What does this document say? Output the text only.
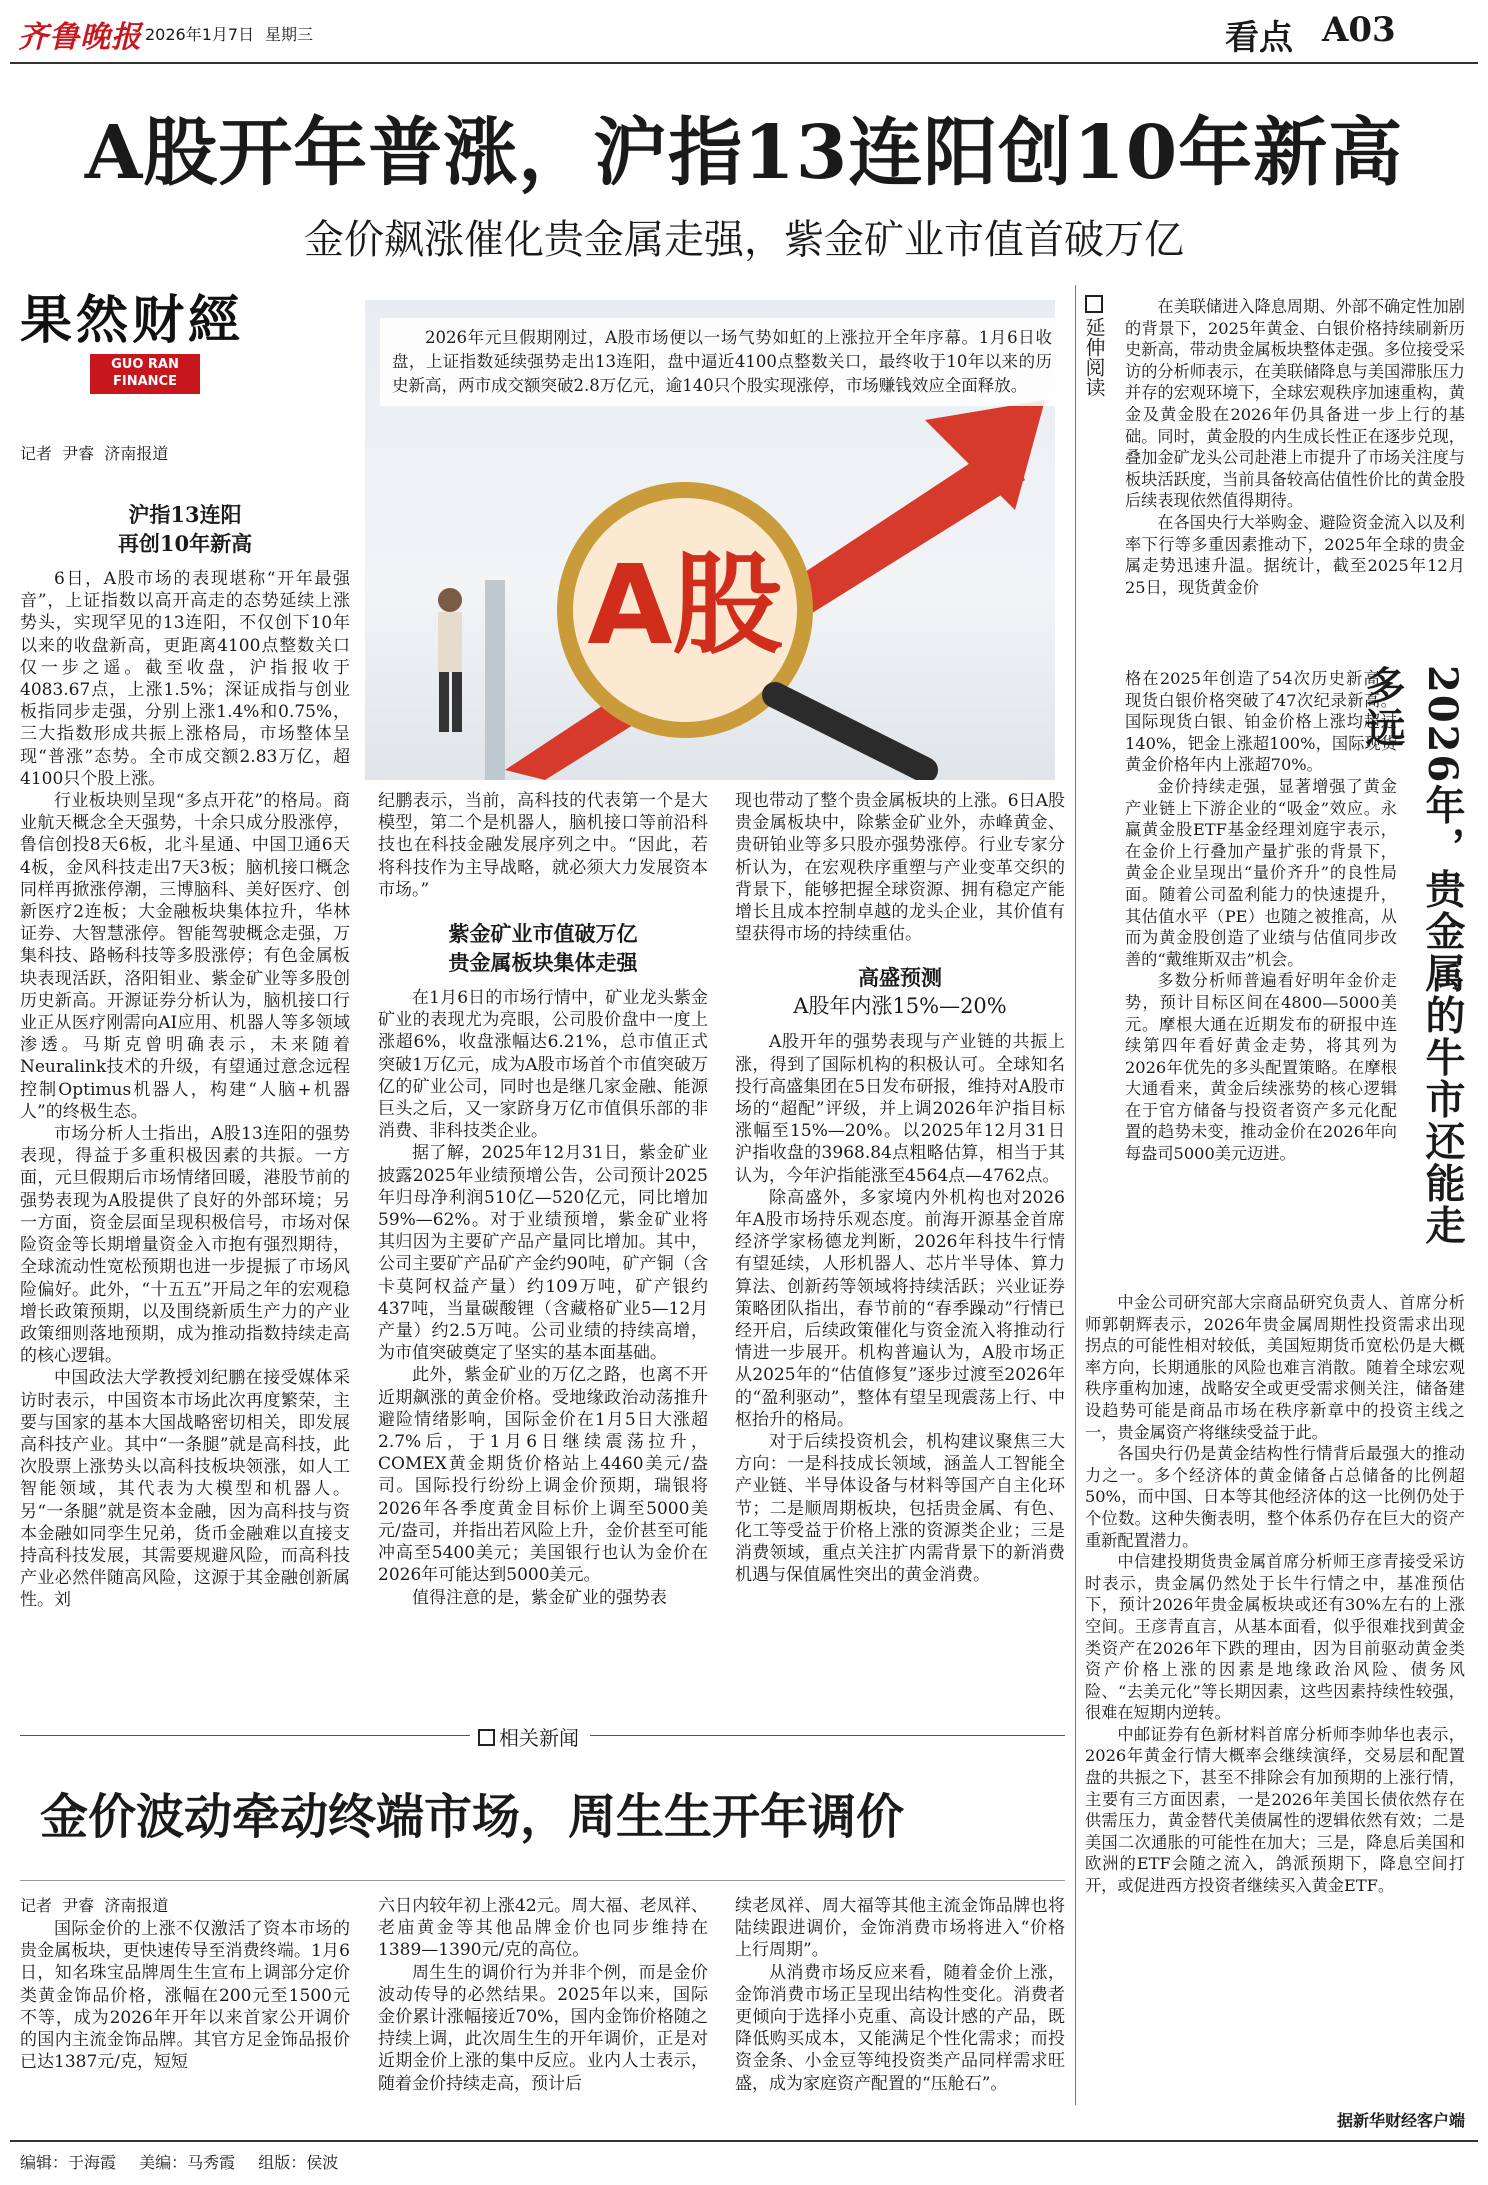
齐鲁晚报 2026年1月7日 星期三	看点 A03
A股开年普涨，沪指13连阳创10年新高
金价飙涨催化贵金属走强，紫金矿业市值首破万亿
果然财經
GUO RAN
FINANCE
记者  尹睿  济南报道
A股

2026年元旦假期刚过，A股市场便以一场气势如虹的上涨拉开全年序幕。1月6日收盘，上证指数延续强势走出13连阳，盘中逼近4100点整数关口，最终收于10年以来的历史新高，两市成交额突破2.8万亿元，逾140只个股实现涨停，市场赚钱效应全面释放。

沪指13连阳
再创10年新高

6日，A股市场的表现堪称“开年最强音”，上证指数以高开高走的态势延续上涨势头，实现罕见的13连阳，不仅创下10年以来的收盘新高，更距离4100点整数关口仅一步之遥。截至收盘，沪指报收于4083.67点，上涨1.5%；深证成指与创业板指同步走强，分别上涨1.4%和0.75%，三大指数形成共振上涨格局，市场整体呈现“普涨”态势。全市成交额2.83万亿，超4100只个股上涨。

行业板块则呈现“多点开花”的格局。商业航天概念全天强势，十余只成分股涨停，鲁信创投8天6板，北斗星通、中国卫通6天4板，金风科技走出7天3板；脑机接口概念同样再掀涨停潮，三博脑科、美好医疗、创新医疗2连板；大金融板块集体拉升，华林证券、大智慧涨停。智能驾驶概念走强，万集科技、路畅科技等多股涨停；有色金属板块表现活跃，洛阳钼业、紫金矿业等多股创历史新高。开源证券分析认为，脑机接口行业正从医疗刚需向AI应用、机器人等多领域渗透。马斯克曾明确表示，未来随着Neuralink技术的升级，有望通过意念远程控制Optimus机器人，构建“人脑+机器人”的终极生态。

市场分析人士指出，A股13连阳的强势表现，得益于多重积极因素的共振。一方面，元旦假期后市场情绪回暖，港股节前的强势表现为A股提供了良好的外部环境；另一方面，资金层面呈现积极信号，市场对保险资金等长期增量资金入市抱有强烈期待，全球流动性宽松预期也进一步提振了市场风险偏好。此外，“十五五”开局之年的宏观稳增长政策预期，以及围绕新质生产力的产业政策细则落地预期，成为推动指数持续走高的核心逻辑。

中国政法大学教授刘纪鹏在接受媒体采访时表示，中国资本市场此次再度繁荣，主要与国家的基本大国战略密切相关，即发展高科技产业。其中“一条腿”就是高科技，此次股票上涨势头以高科技板块领涨，如人工智能领域，其代表为大模型和机器人。另“一条腿”就是资本金融，因为高科技与资本金融如同孪生兄弟，货币金融难以直接支持高科技发展，其需要规避风险，而高科技产业必然伴随高风险，这源于其金融创新属性。刘

纪鹏表示，当前，高科技的代表第一个是大模型，第二个是机器人，脑机接口等前沿科技也在科技金融发展序列之中。“因此，若将科技作为主导战略，就必须大力发展资本市场。”

紫金矿业市值破万亿
贵金属板块集体走强

在1月6日的市场行情中，矿业龙头紫金矿业的表现尤为亮眼，公司股价盘中一度上涨超6%，收盘涨幅达6.21%，总市值正式突破1万亿元，成为A股市场首个市值突破万亿的矿业公司，同时也是继几家金融、能源巨头之后，又一家跻身万亿市值俱乐部的非消费、非科技类企业。

据了解，2025年12月31日，紫金矿业披露2025年业绩预增公告，公司预计2025年归母净利润510亿—520亿元，同比增加59%—62%。对于业绩预增，紫金矿业将其归因为主要矿产品产量同比增加。其中，公司主要矿产品矿产金约90吨，矿产铜（含卡莫阿权益产量）约109万吨，矿产银约437吨，当量碳酸锂（含藏格矿业5—12月产量）约2.5万吨。公司业绩的持续高增，为市值突破奠定了坚实的基本面基础。

此外，紫金矿业的万亿之路，也离不开近期飙涨的黄金价格。受地缘政治动荡推升避险情绪影响，国际金价在1月5日大涨超2.7%后，于1月6日继续震荡拉升，COMEX黄金期货价格站上4460美元/盎司。国际投行纷纷上调金价预期，瑞银将2026年各季度黄金目标价上调至5000美元/盎司，并指出若风险上升，金价甚至可能冲高至5400美元；美国银行也认为金价在2026年可能达到5000美元。

值得注意的是，紫金矿业的强势表

现也带动了整个贵金属板块的上涨。6日A股贵金属板块中，除紫金矿业外，赤峰黄金、贵研铂业等多只股亦强势涨停。行业专家分析认为，在宏观秩序重塑与产业变革交织的背景下，能够把握全球资源、拥有稳定产能增长且成本控制卓越的龙头企业，其价值有望获得市场的持续重估。

高盛预测
A股年内涨15%—20%

A股开年的强势表现与产业链的共振上涨，得到了国际机构的积极认可。全球知名投行高盛集团在5日发布研报，维持对A股市场的“超配”评级，并上调2026年沪指目标涨幅至15%—20%。以2025年12月31日沪指收盘的3968.84点粗略估算，相当于其认为，今年沪指能涨至4564点—4762点。

除高盛外，多家境内外机构也对2026年A股市场持乐观态度。前海开源基金首席经济学家杨德龙判断，2026年科技牛行情有望延续，人形机器人、芯片半导体、算力算法、创新药等领域将持续活跃；兴业证券策略团队指出，春节前的“春季躁动”行情已经开启，后续政策催化与资金流入将推动行情进一步展开。机构普遍认为，A股市场正从2025年的“估值修复”逐步过渡至2026年的“盈利驱动”，整体有望呈现震荡上行、中枢抬升的格局。

对于后续投资机会，机构建议聚焦三大方向：一是科技成长领域，涵盖人工智能全产业链、半导体设备与材料等国产自主化环节；二是顺周期板块，包括贵金属、有色、化工等受益于价格上涨的资源类企业；三是消费领域，重点关注扩内需背景下的新消费机遇与保值属性突出的黄金消费。

延伸阅读

在美联储进入降息周期、外部不确定性加剧的背景下，2025年黄金、白银价格持续刷新历史新高，带动贵金属板块整体走强。多位接受采访的分析师表示，在美联储降息与美国滞胀压力并存的宏观环境下，全球宏观秩序加速重构，黄金及黄金股在2026年仍具备进一步上行的基础。同时，黄金股的内生成长性正在逐步兑现，叠加金矿龙头公司赴港上市提升了市场关注度与板块活跃度，当前具备较高估值性价比的黄金股后续表现依然值得期待。

在各国央行大举购金、避险资金流入以及利率下行等多重因素推动下，2025年全球的贵金属走势迅速升温。据统计，截至2025年12月25日，现货黄金价

格在2025年创造了54次历史新高，现货白银价格突破了47次纪录新高。国际现货白银、铂金价格上涨均超过140%，钯金上涨超100%，国际现货黄金价格年内上涨超70%。

金价持续走强，显著增强了黄金产业链上下游企业的“吸金”效应。永赢黄金股ETF基金经理刘庭宇表示，在金价上行叠加产量扩张的背景下，黄金企业呈现出“量价齐升”的良性局面。随着公司盈利能力的快速提升，其估值水平（PE）也随之被推高，从而为黄金股创造了业绩与估值同步改善的“戴维斯双击”机会。

多数分析师普遍看好明年金价走势，预计目标区间在4800—5000美元。摩根大通在近期发布的研报中连续第四年看好黄金走势，将其列为2026年优先的多头配置策略。在摩根大通看来，黄金后续涨势的核心逻辑在于官方储备与投资者资产多元化配置的趋势未变，推动金价在2026年向每盎司5000美元迈进。	2026年，贵金属的牛市还能走多远

中金公司研究部大宗商品研究负责人、首席分析师郭朝辉表示，2026年贵金属周期性投资需求出现拐点的可能性相对较低，美国短期货币宽松仍是大概率方向，长期通胀的风险也难言消散。随着全球宏观秩序重构加速，战略安全或更受需求侧关注，储备建设趋势可能是商品市场在秩序新章中的投资主线之一，贵金属资产将继续受益于此。

各国央行仍是黄金结构性行情背后最强大的推动力之一。多个经济体的黄金储备占总储备的比例超50%，而中国、日本等其他经济体的这一比例仍处于个位数。这种失衡表明，整个体系仍存在巨大的资产重新配置潜力。

中信建投期货贵金属首席分析师王彦青接受采访时表示，贵金属仍然处于长牛行情之中，基准预估下，预计2026年贵金属板块或还有30%左右的上涨空间。王彦青直言，从基本面看，似乎很难找到黄金类资产在2026年下跌的理由，因为目前驱动黄金类资产价格上涨的因素是地缘政治风险、债务风险、“去美元化”等长期因素，这些因素持续性较强，很难在短期内逆转。

中邮证券有色新材料首席分析师李帅华也表示，2026年黄金行情大概率会继续演绎，交易层和配置盘的共振之下，甚至不排除会有加预期的上涨行情，主要有三方面因素，一是2026年美国长债依然存在供需压力，黄金替代美债属性的逻辑依然有效；二是美国二次通胀的可能性在加大；三是，降息后美国和欧洲的ETF会随之流入，鸽派预期下，降息空间打开，或促进西方投资者继续买入黄金ETF。

据新华财经客户端
相关新闻
金价波动牵动终端市场，周生生开年调价
记者  尹睿  济南报道

国际金价的上涨不仅激活了资本市场的贵金属板块，更快速传导至消费终端。1月6日，知名珠宝品牌周生生宣布上调部分定价类黄金饰品价格，涨幅在200元至1500元不等，成为2026年开年以来首家公开调价的国内主流金饰品牌。其官方足金饰品报价已达1387元/克，短短

六日内较年初上涨42元。周大福、老凤祥、老庙黄金等其他品牌金价也同步维持在1389—1390元/克的高位。

周生生的调价行为并非个例，而是金价波动传导的必然结果。2025年以来，国际金价累计涨幅接近70%，国内金饰价格随之持续上调，此次周生生的开年调价，正是对近期金价上涨的集中反应。业内人士表示，随着金价持续走高，预计后

续老凤祥、周大福等其他主流金饰品牌也将陆续跟进调价，金饰消费市场将进入“价格上行周期”。

从消费市场反应来看，随着金价上涨，金饰消费市场正呈现出结构性变化。消费者更倾向于选择小克重、高设计感的产品，既降低购买成本，又能满足个性化需求；而投资金条、小金豆等纯投资类产品同样需求旺盛，成为家庭资产配置的“压舱石”。

编辑：于海霞 美编：马秀霞 组版：侯波
